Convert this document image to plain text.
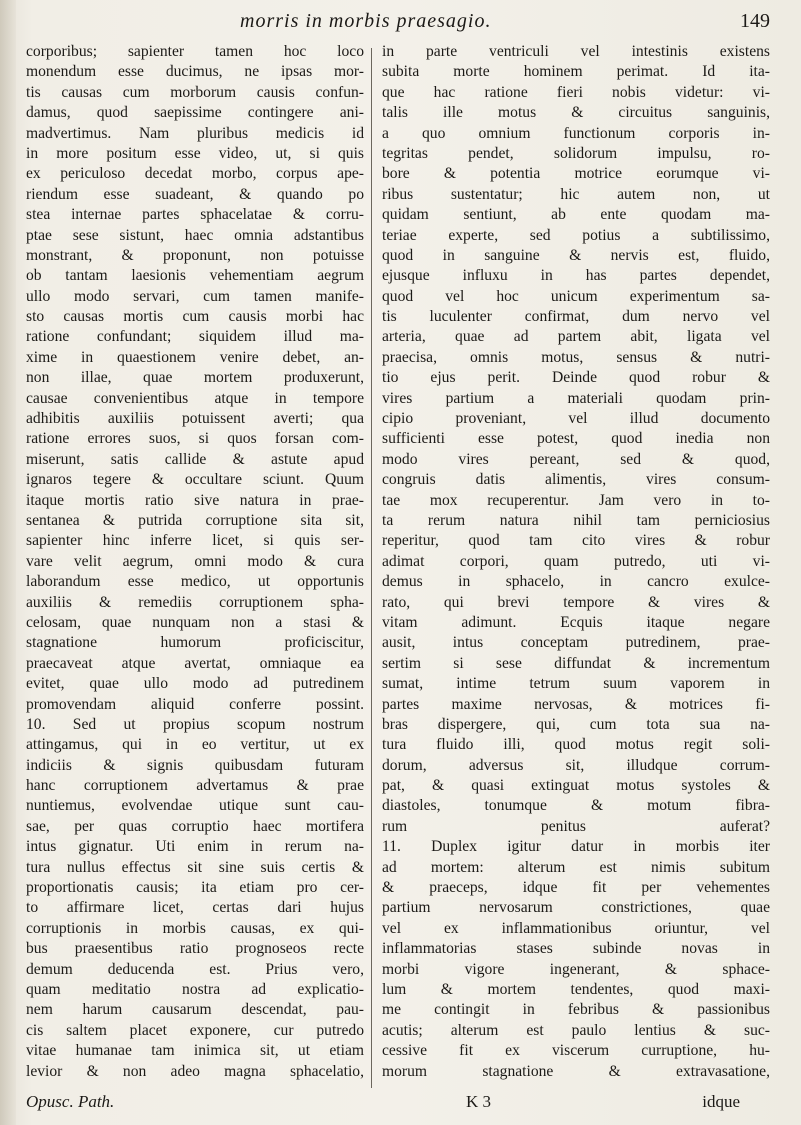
morris in morbis praesagio.	149
corporibus; sapienter tamen hoc loco
monendum esse ducimus, ne ipsas mor-
tis causas cum morborum causis confun-
damus, quod saepissime contingere ani-
madvertimus. Nam pluribus medicis id
in more positum esse video, ut, si quis
ex periculoso decedat morbo, corpus ape-
riendum esse suadeant, & quando po
stea internae partes sphacelatae & corru-
ptae sese sistunt, haec omnia adstantibus
monstrant, & proponunt, non potuisse
ob tantam laesionis vehementiam aegrum
ullo modo servari, cum tamen manife-
sto causas mortis cum causis morbi hac
ratione confundant; siquidem illud ma-
xime in quaestionem venire debet, an-
non illae, quae mortem produxerunt,
causae convenientibus atque in tempore
adhibitis auxiliis potuissent averti; qua
ratione errores suos, si quos forsan com-
miserunt, satis callide & astute apud
ignaros tegere & occultare sciunt. Quum
itaque mortis ratio sive natura in prae-
sentanea & putrida corruptione sita sit,
sapienter hinc inferre licet, si quis ser-
vare velit aegrum, omni modo & cura
laborandum esse medico, ut opportunis
auxiliis & remediis corruptionem spha-
celosam, quae nunquam non a stasi &
stagnatione humorum proficiscitur,
praecaveat atque avertat, omniaque ea
evitet, quae ullo modo ad putredinem
promovendam aliquid conferre possint.
10. Sed ut propius scopum nostrum
attingamus, qui in eo vertitur, ut ex
indiciis & signis quibusdam futuram
hanc corruptionem advertamus & prae
nuntiemus, evolvendae utique sunt cau-
sae, per quas corruptio haec mortifera
intus gignatur. Uti enim in rerum na-
tura nullus effectus sit sine suis certis &
proportionatis causis; ita etiam pro cer-
to affirmare licet, certas dari hujus
corruptionis in morbis causas, ex qui-
bus praesentibus ratio prognoseos recte
demum deducenda est. Prius vero,
quam meditatio nostra ad explicatio-
nem harum causarum descendat, pau-
cis saltem placet exponere, cur putredo
vitae humanae tam inimica sit, ut etiam
levior & non adeo magna sphacelatio,
in parte ventriculi vel intestinis existens
subita morte hominem perimat. Id ita-
que hac ratione fieri nobis videtur: vi-
talis ille motus & circuitus sanguinis,
a quo omnium functionum corporis in-
tegritas pendet, solidorum impulsu, ro-
bore & potentia motrice eorumque vi-
ribus sustentatur; hic autem non, ut
quidam sentiunt, ab ente quodam ma-
teriae experte, sed potius a subtilissimo,
quod in sanguine & nervis est, fluido,
ejusque influxu in has partes dependet,
quod vel hoc unicum experimentum sa-
tis luculenter confirmat, dum nervo vel
arteria, quae ad partem abit, ligata vel
praecisa, omnis motus, sensus & nutri-
tio ejus perit. Deinde quod robur &
vires partium a materiali quodam prin-
cipio proveniant, vel illud documento
sufficienti esse potest, quod inedia non
modo vires pereant, sed & quod,
congruis datis alimentis, vires consum-
tae mox recuperentur. Jam vero in to-
ta rerum natura nihil tam perniciosius
reperitur, quod tam cito vires & robur
adimat corpori, quam putredo, uti vi-
demus in sphacelo, in cancro exulce-
rato, qui brevi tempore & vires &
vitam adimunt. Ecquis itaque negare
ausit, intus conceptam putredinem, prae-
sertim si sese diffundat & incrementum
sumat, intime tetrum suum vaporem in
partes maxime nervosas, & motrices fi-
bras dispergere, qui, cum tota sua na-
tura fluido illi, quod motus regit soli-
dorum, adversus sit, illudque corrum-
pat, & quasi extinguat motus systoles &
diastoles, tonumque & motum fibra-
rum penitus auferat?
11. Duplex igitur datur in morbis iter
ad mortem: alterum est nimis subitum
& praeceps, idque fit per vehementes
partium nervosarum constrictiones, quae
vel ex inflammationibus oriuntur, vel
inflammatorias stases subinde novas in
morbi vigore ingenerant, & sphace-
lum & mortem tendentes, quod maxi-
me contingit in febribus & passionibus
acutis; alterum est paulo lentius & suc-
cessive fit ex viscerum curruptione, hu-
morum stagnatione & extravasatione,
Opusc. Path.	K 3	idque
